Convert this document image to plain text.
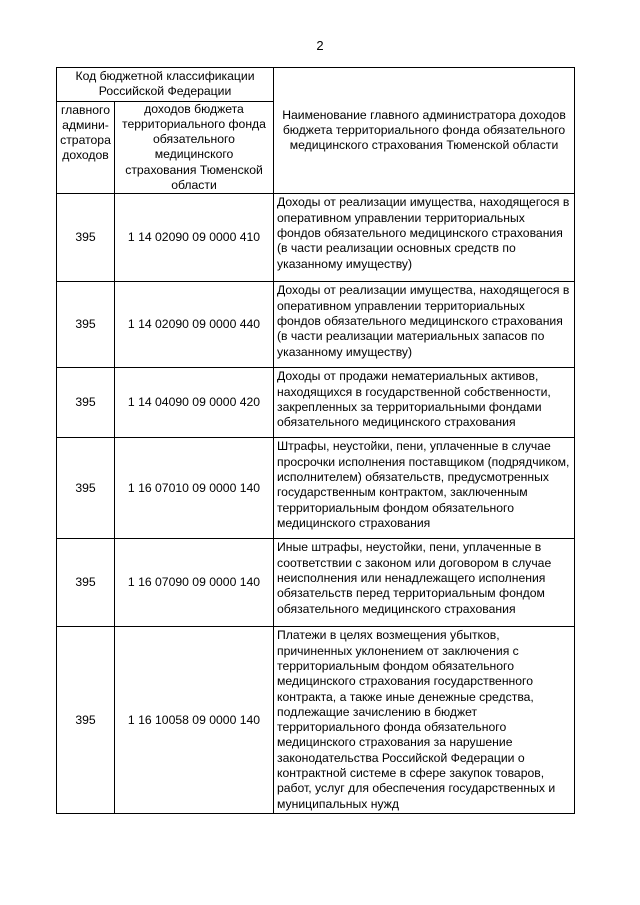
2
Код бюджетной классификации Российской Федерации		Наименование главного администратора доходов бюджета территориального фонда обязательного медицинского страхования Тюменской области
главного админи-стратора доходов	доходов бюджета территориального фонда обязательного медицинского страхования Тюменской области	
395	1 14 02090 09 0000 410	Доходы от реализации имущества, находящегося в оперативном управлении территориальных фондов обязательного медицинского страхования (в части реализации основных средств по указанному имуществу)
395	1 14 02090 09 0000 440	Доходы от реализации имущества, находящегося в оперативном управлении территориальных фондов обязательного медицинского страхования (в части реализации материальных запасов по указанному имуществу)
395	1 14 04090 09 0000 420	Доходы от продажи нематериальных активов, находящихся в государственной собственности, закрепленных за территориальными фондами обязательного медицинского страхования
395	1 16 07010 09 0000 140	Штрафы, неустойки, пени, уплаченные в случае просрочки исполнения поставщиком (подрядчиком, исполнителем) обязательств, предусмотренных государственным контрактом, заключенным территориальным фондом обязательного медицинского страхования
395	1 16 07090 09 0000 140	Иные штрафы, неустойки, пени, уплаченные в соответствии с законом или договором в случае неисполнения или ненадлежащего исполнения обязательств перед территориальным фондом обязательного медицинского страхования
395	1 16 10058 09 0000 140	Платежи в целях возмещения убытков, причиненных уклонением от заключения с территориальным фондом обязательного медицинского страхования государственного контракта, а также иные денежные средства, подлежащие зачислению в бюджет территориального фонда обязательного медицинского страхования за нарушение законодательства Российской Федерации о контрактной системе в сфере закупок товаров, работ, услуг для обеспечения государственных и муниципальных нужд
